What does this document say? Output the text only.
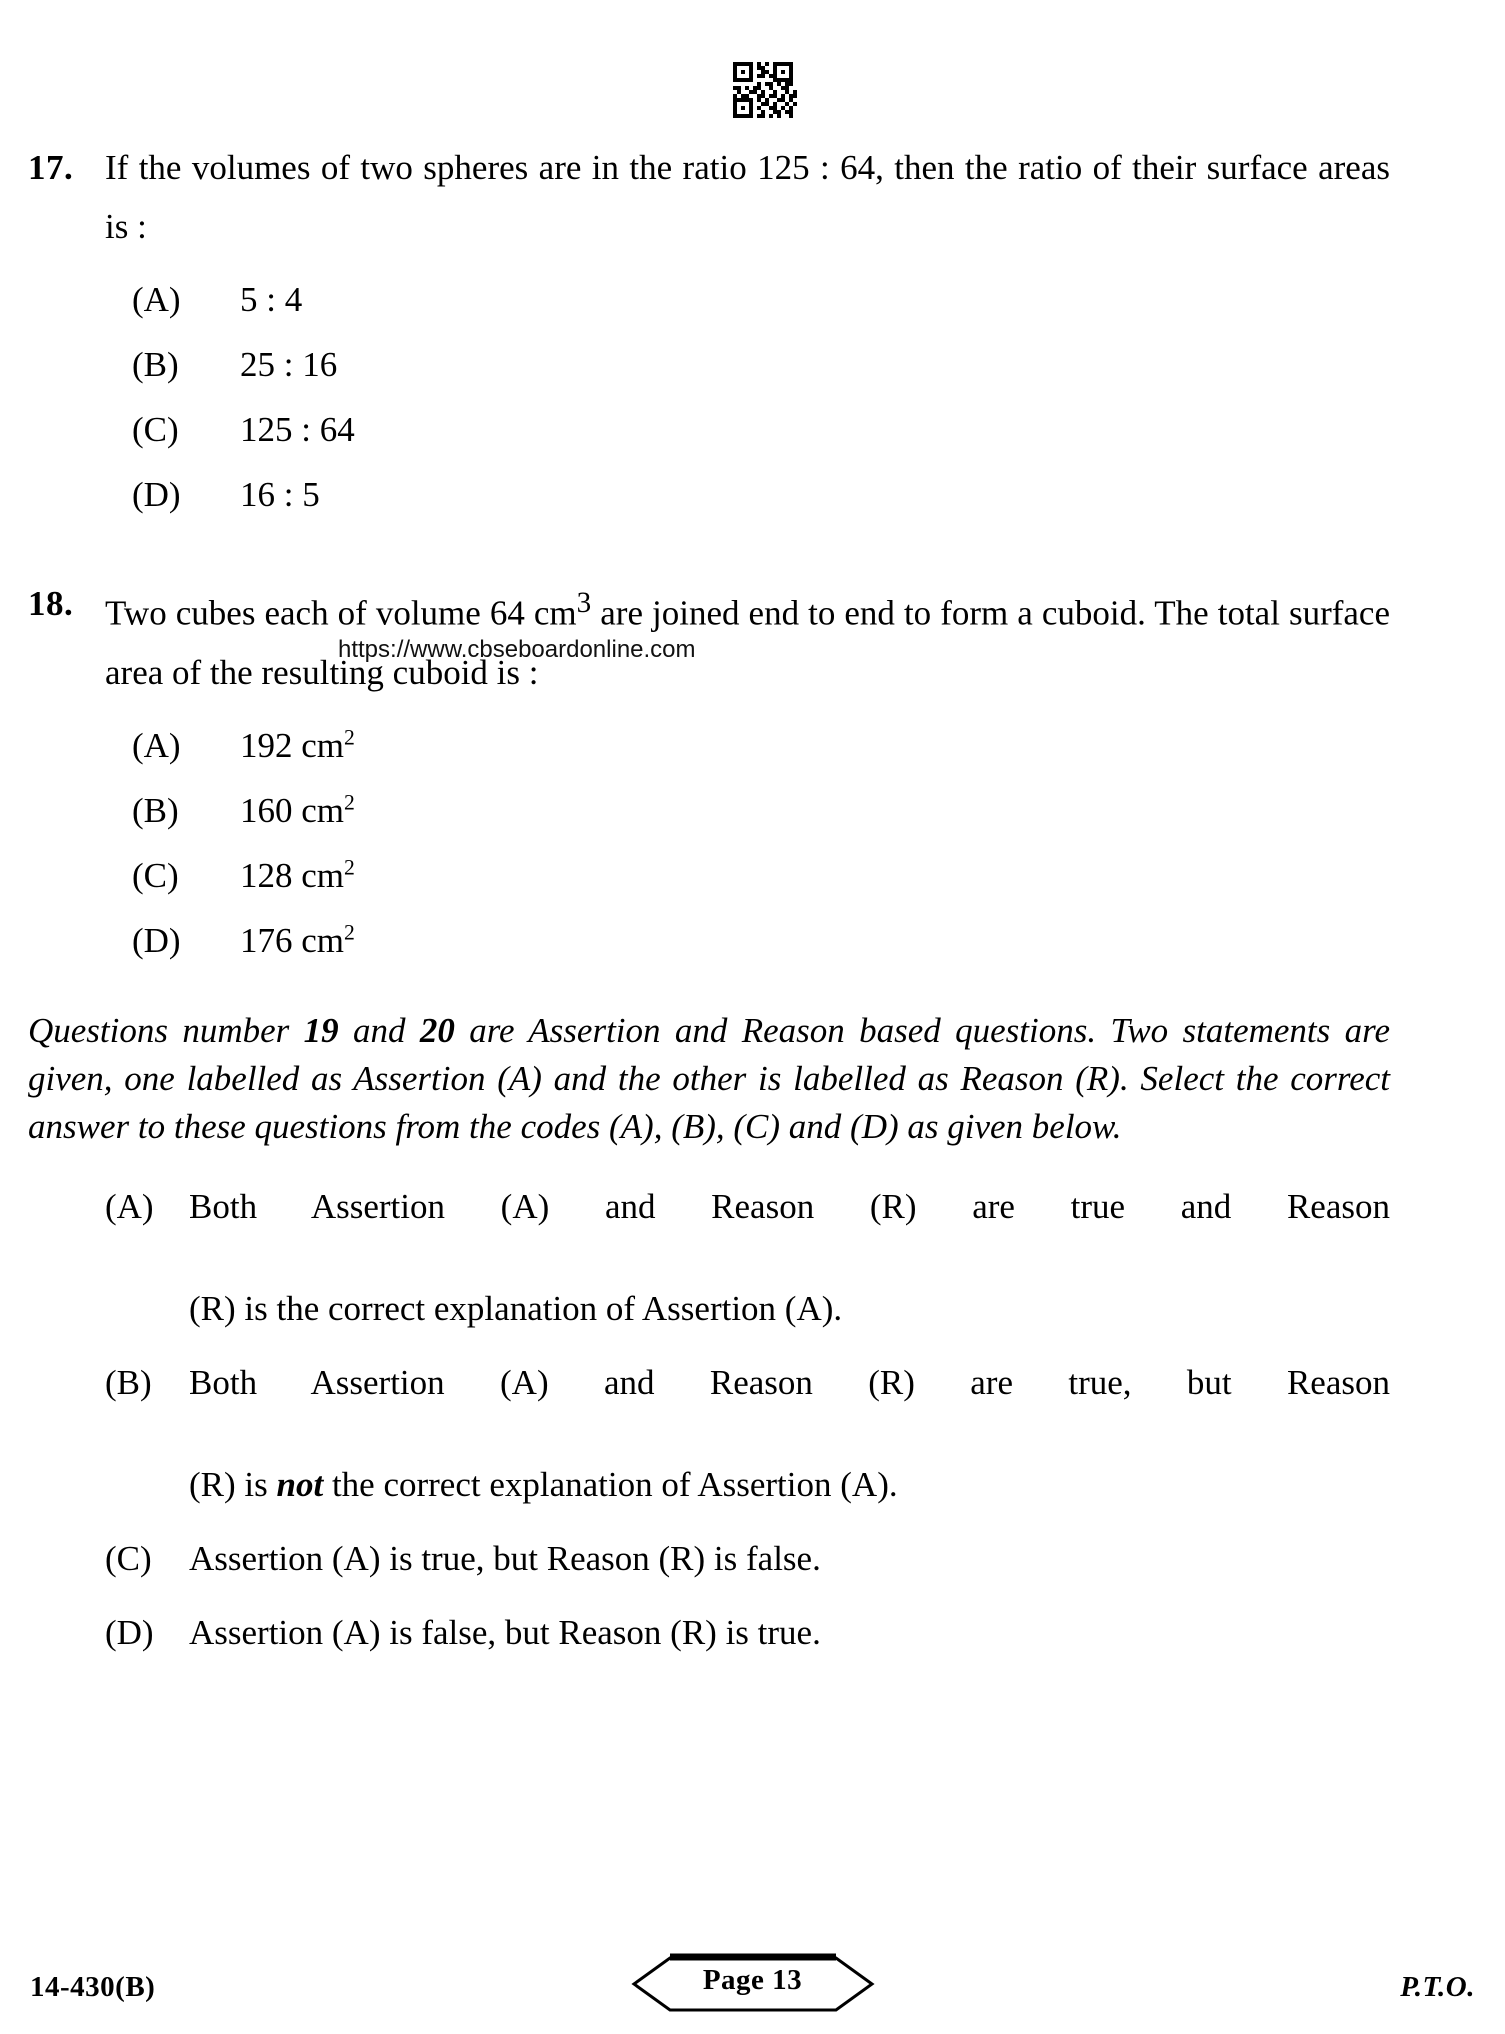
17. If the volumes of two spheres are in the ratio 125 : 64, then the ratio of their surface areas is :
(A)	5 : 4
(B)	25 : 16
(C)	125 : 64
(D)	16 : 5
18. Two cubes each of volume 64 $cm^3$ are joined end to end to form a cuboid. The total surface area of the resulting cuboid is :
(A)	192 $cm^2$
(B)	160 $cm^2$
(C)	128 $cm^2$
(D)	176 $cm^2$
Questions number 19 and 20 are Assertion and Reason based questions. Two statements are given, one labelled as Assertion (A) and the other is labelled as Reason (R). Select the correct answer to these questions from the codes (A), (B), (C) and (D) as given below.
(A) Both Assertion (A) and Reason (R) are true and Reason
(R) is the correct explanation of Assertion (A).
(B) Both Assertion (A) and Reason (R) are true, but Reason
(R) is not the correct explanation of Assertion (A).
(C) Assertion (A) is true, but Reason (R) is false.
(D) Assertion (A) is false, but Reason (R) is true.
https://www.cbseboardonline.com
14-430(B)	Page 13	P.T.O.
